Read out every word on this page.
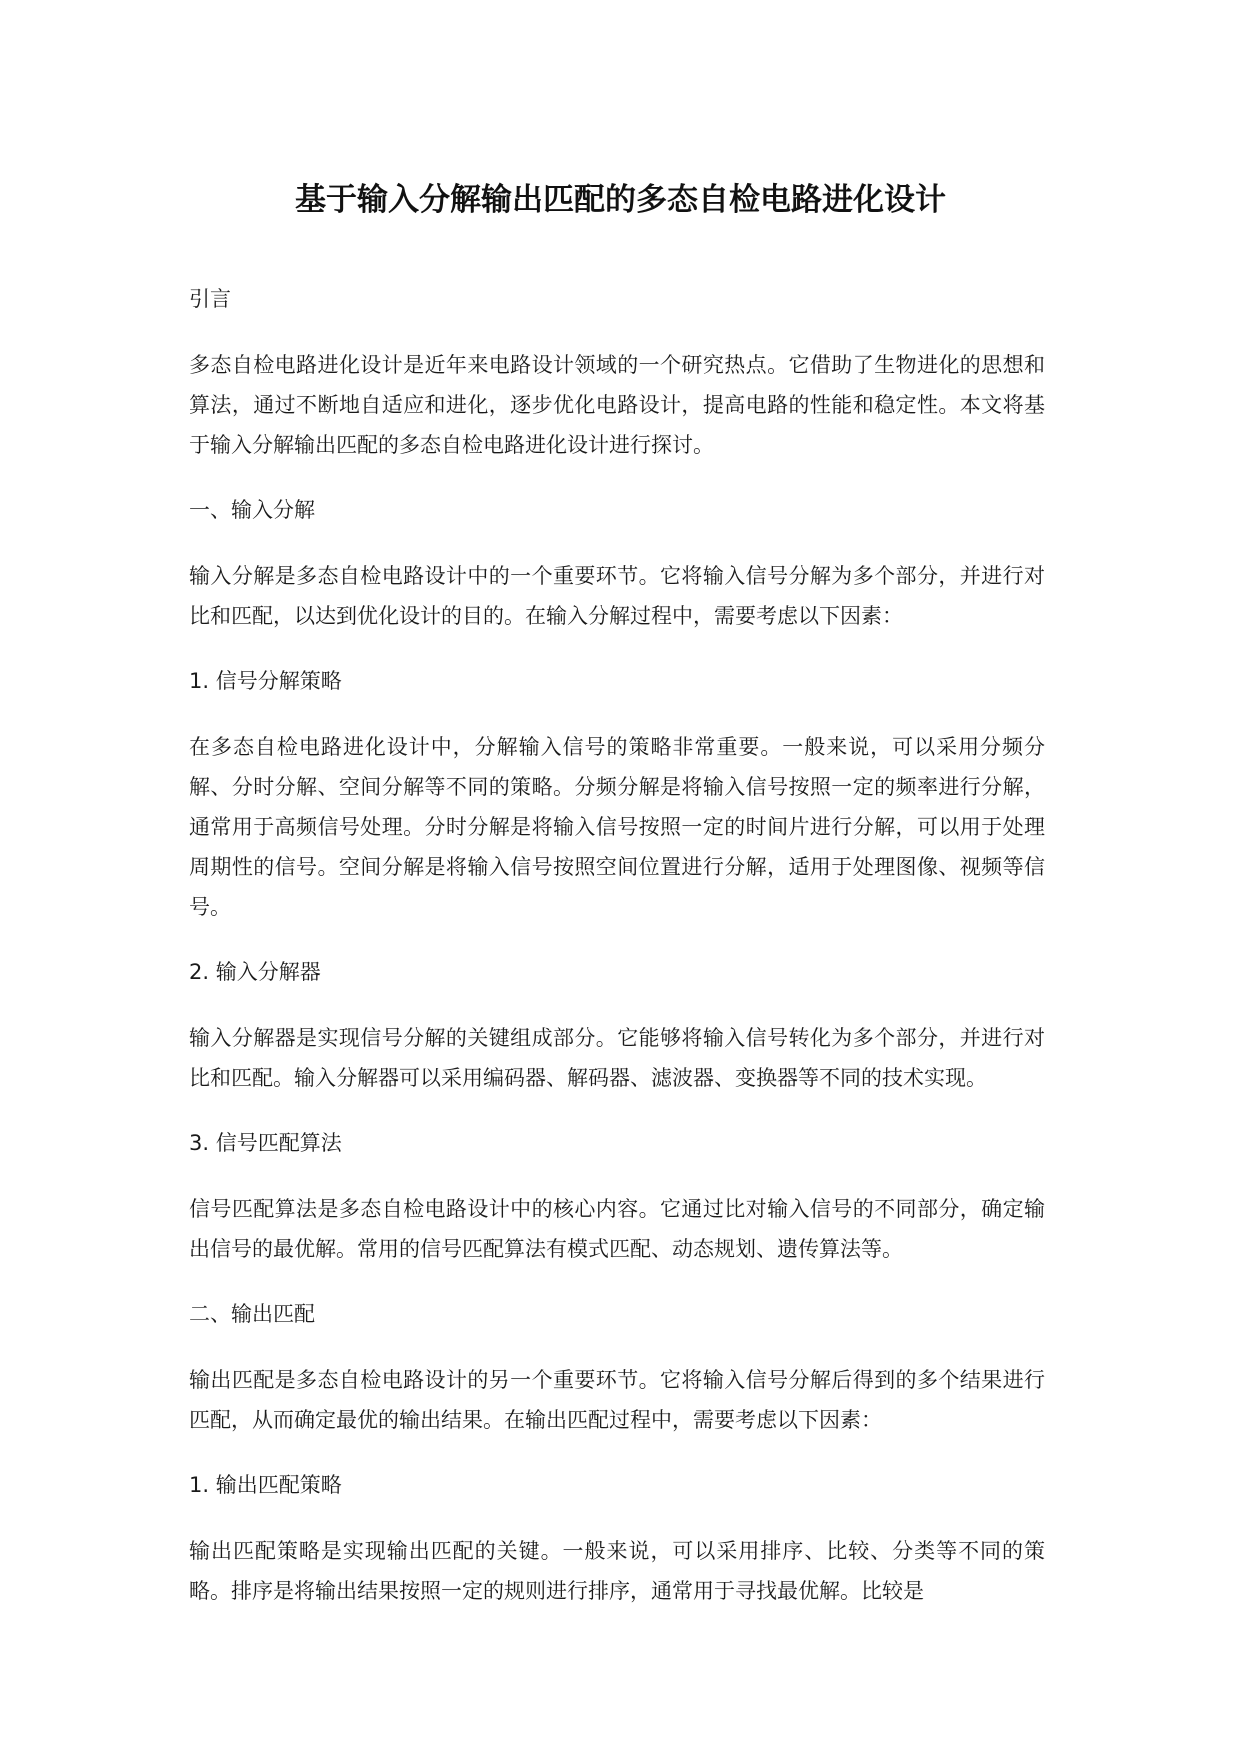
基于输入分解输出匹配的多态自检电路进化设计

引言

多态自检电路进化设计是近年来电路设计领域的一个研究热点。它借助了生物进化的思想和算法，通过不断地自适应和进化，逐步优化电路设计，提高电路的性能和稳定性。本文将基于输入分解输出匹配的多态自检电路进化设计进行探讨。

一、输入分解

输入分解是多态自检电路设计中的一个重要环节。它将输入信号分解为多个部分，并进行对比和匹配，以达到优化设计的目的。在输入分解过程中，需要考虑以下因素：

1. 信号分解策略

在多态自检电路进化设计中，分解输入信号的策略非常重要。一般来说，可以采用分频分解、分时分解、空间分解等不同的策略。分频分解是将输入信号按照一定的频率进行分解，通常用于高频信号处理。分时分解是将输入信号按照一定的时间片进行分解，可以用于处理周期性的信号。空间分解是将输入信号按照空间位置进行分解，适用于处理图像、视频等信号。

2. 输入分解器

输入分解器是实现信号分解的关键组成部分。它能够将输入信号转化为多个部分，并进行对比和匹配。输入分解器可以采用编码器、解码器、滤波器、变换器等不同的技术实现。

3. 信号匹配算法

信号匹配算法是多态自检电路设计中的核心内容。它通过比对输入信号的不同部分，确定输出信号的最优解。常用的信号匹配算法有模式匹配、动态规划、遗传算法等。

二、输出匹配

输出匹配是多态自检电路设计的另一个重要环节。它将输入信号分解后得到的多个结果进行匹配，从而确定最优的输出结果。在输出匹配过程中，需要考虑以下因素：

1. 输出匹配策略

输出匹配策略是实现输出匹配的关键。一般来说，可以采用排序、比较、分类等不同的策略。排序是将输出结果按照一定的规则进行排序，通常用于寻找最优解。比较是
